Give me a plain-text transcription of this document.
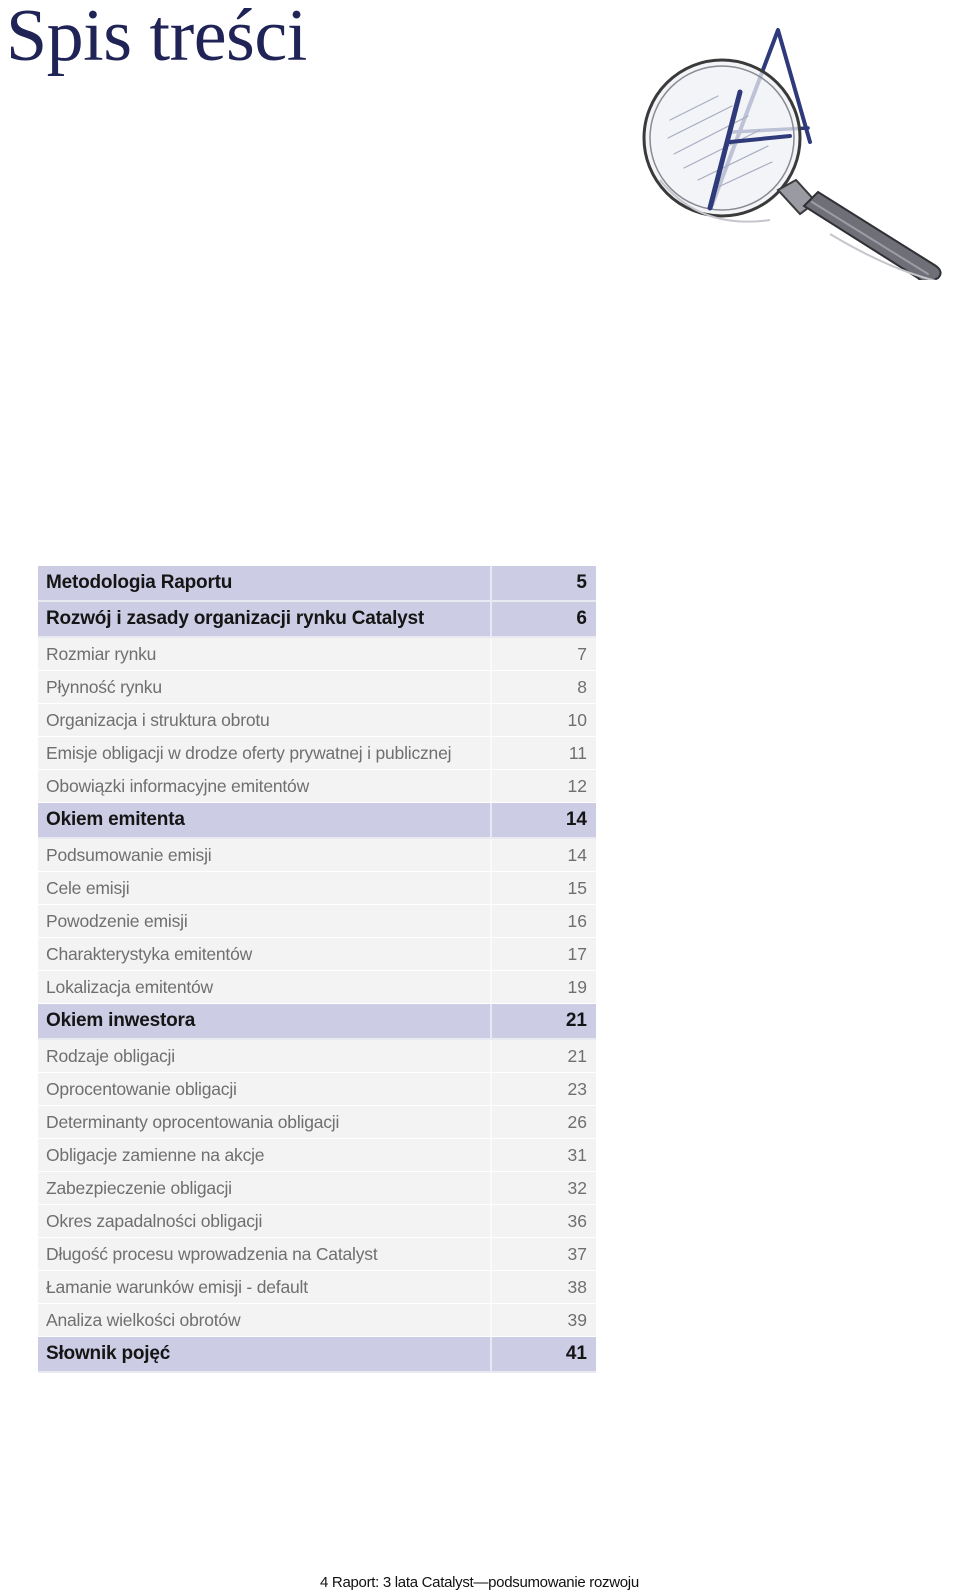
Spis treści
Metodologia Raportu	5
Rozwój i zasady organizacji rynku Catalyst	6
Rozmiar rynku	7
Płynność rynku	8
Organizacja i struktura obrotu	10
Emisje obligacji w drodze oferty prywatnej i publicznej	11
Obowiązki informacyjne emitentów	12
Okiem emitenta	14
Podsumowanie emisji	14
Cele emisji	15
Powodzenie emisji	16
Charakterystyka emitentów	17
Lokalizacja emitentów	19
Okiem inwestora	21
Rodzaje obligacji	21
Oprocentowanie obligacji	23
Determinanty oprocentowania obligacji	26
Obligacje zamienne na akcje	31
Zabezpieczenie obligacji	32
Okres zapadalności obligacji	36
Długość procesu wprowadzenia na Catalyst	37
Łamanie warunków emisji - default	38
Analiza wielkości obrotów	39
Słownik pojęć	41
4 Raport: 3 lata Catalyst—podsumowanie rozwoju
